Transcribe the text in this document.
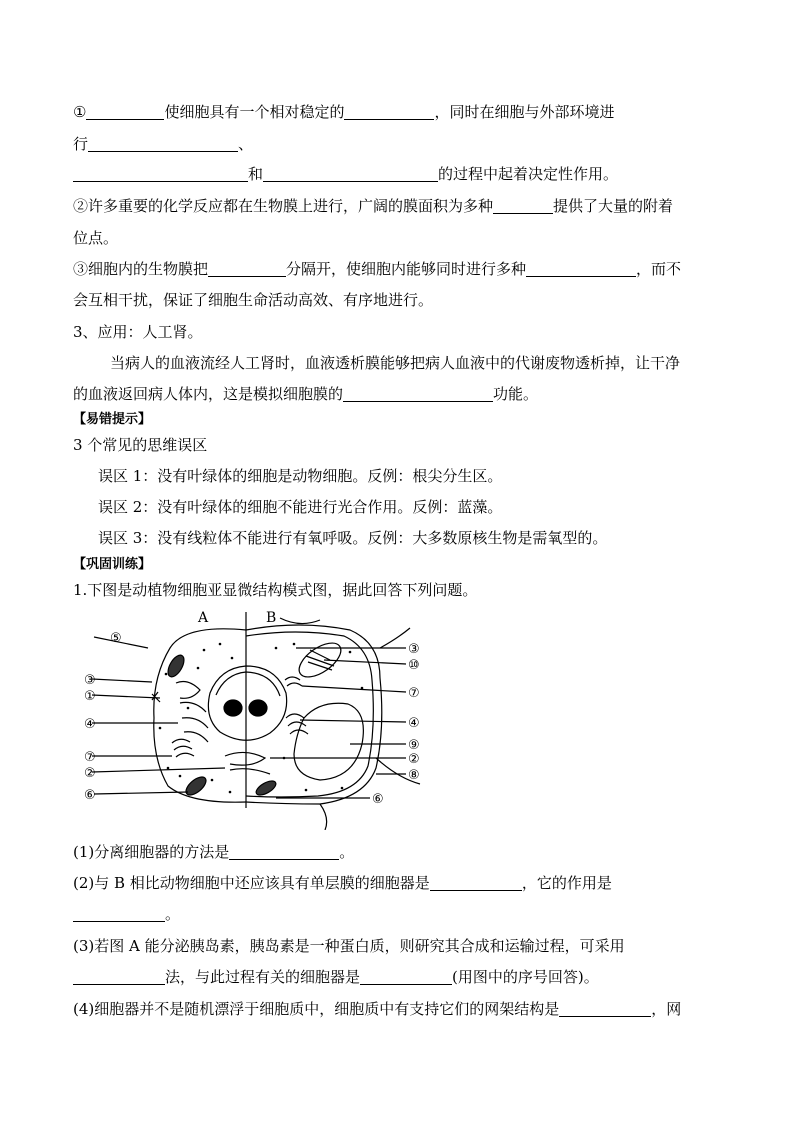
①	使细胞具有一个相对稳定的	，同时在细胞与外部环境进
行	、
和	的过程中起着决定性作用。
②许多重要的化学反应都在生物膜上进行，广阔的膜面积为多种	提供了大量的附着
位点。
③细胞内的生物膜把	分隔开，使细胞内能够同时进行多种	，而不
会互相干扰，保证了细胞生命活动高效、有序地进行。
3、应用：人工肾。
当病人的血液流经人工肾时，血液透析膜能够把病人血液中的代谢废物透析掉，让干净
的血液返回病人体内，这是模拟细胞膜的	功能。
【易错提示】
3 个常见的思维误区
误区 1：没有叶绿体的细胞是动物细胞。反例：根尖分生区。
误区 2：没有叶绿体的细胞不能进行光合作用。反例：蓝藻。
误区 3：没有线粒体不能进行有氧呼吸。反例：大多数原核生物是需氧型的。
【巩固训练】
1.下图是动植物细胞亚显微结构模式图，据此回答下列问题。
A	B
⑤
③
①
④
⑦
②
⑥
③
⑩
⑦
④
⑨
②
⑧
⑥
(1)分离细胞器的方法是	。
(2)与 B 相比动物细胞中还应该具有单层膜的细胞器是	，它的作用是
。
(3)若图 A 能分泌胰岛素，胰岛素是一种蛋白质，则研究其合成和运输过程，可采用
法，与此过程有关的细胞器是	(用图中的序号回答)。
(4)细胞器并不是随机漂浮于细胞质中，细胞质中有支持它们的网架结构是	，网
